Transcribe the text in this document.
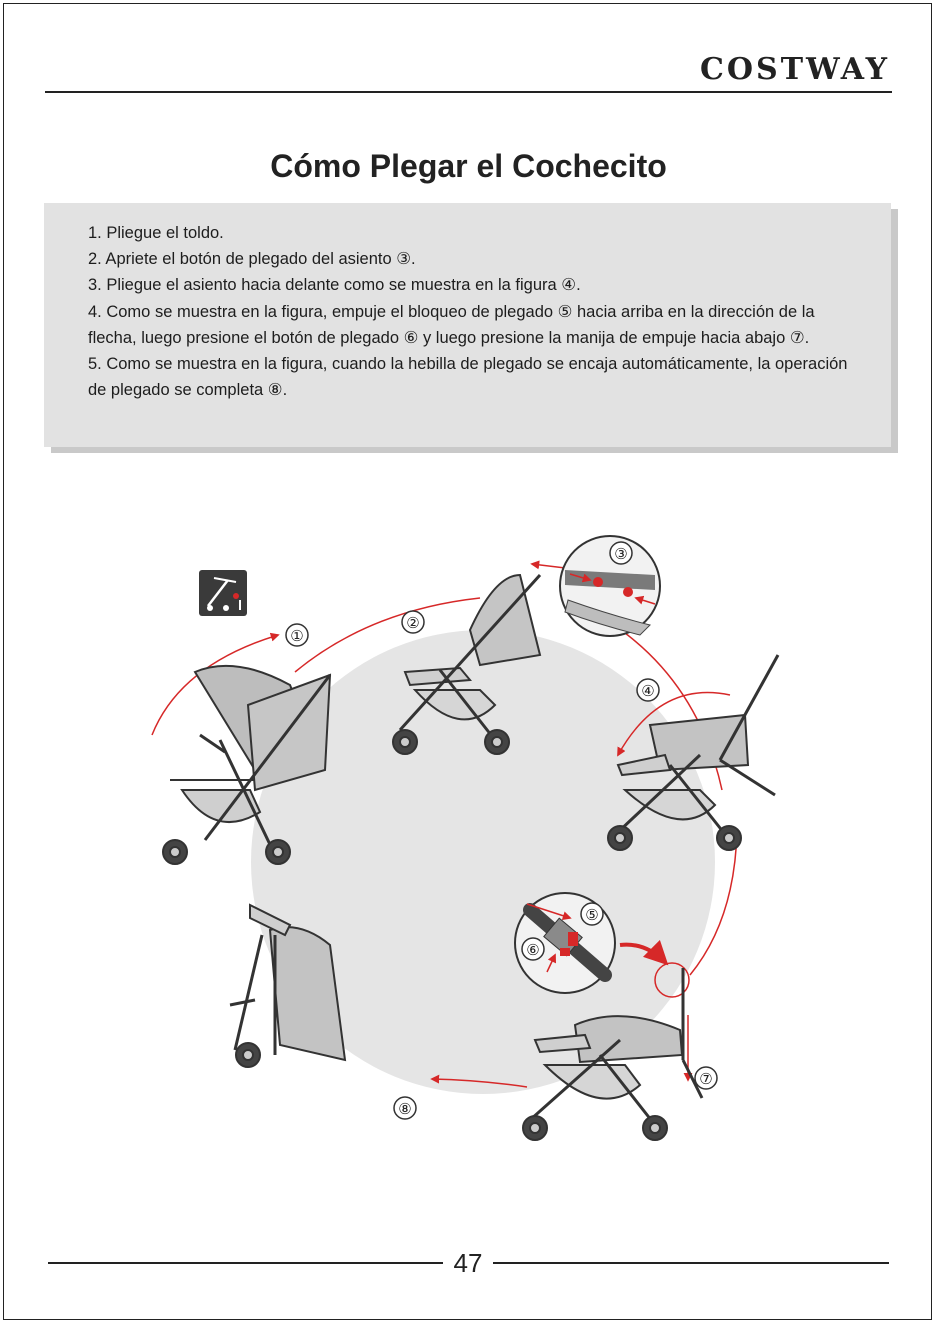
COSTWAY
Cómo Plegar el Cochecito

1. Pliegue el toldo.

2. Apriete el botón de plegado del asiento ③.

3. Pliegue el asiento hacia delante como se muestra en la figura ④.

4. Como se muestra en la figura, empuje el bloqueo de plegado ⑤ hacia arriba en la dirección de la flecha, luego presione el botón de plegado ⑥ y luego presione la manija de empuje hacia abajo ⑦.

5. Como se muestra en la figura, cuando la hebilla de plegado se encaja automáticamente, la operación de plegado se completa ⑧.

①
②
③
④
⑤
⑥
⑦
⑧
47
